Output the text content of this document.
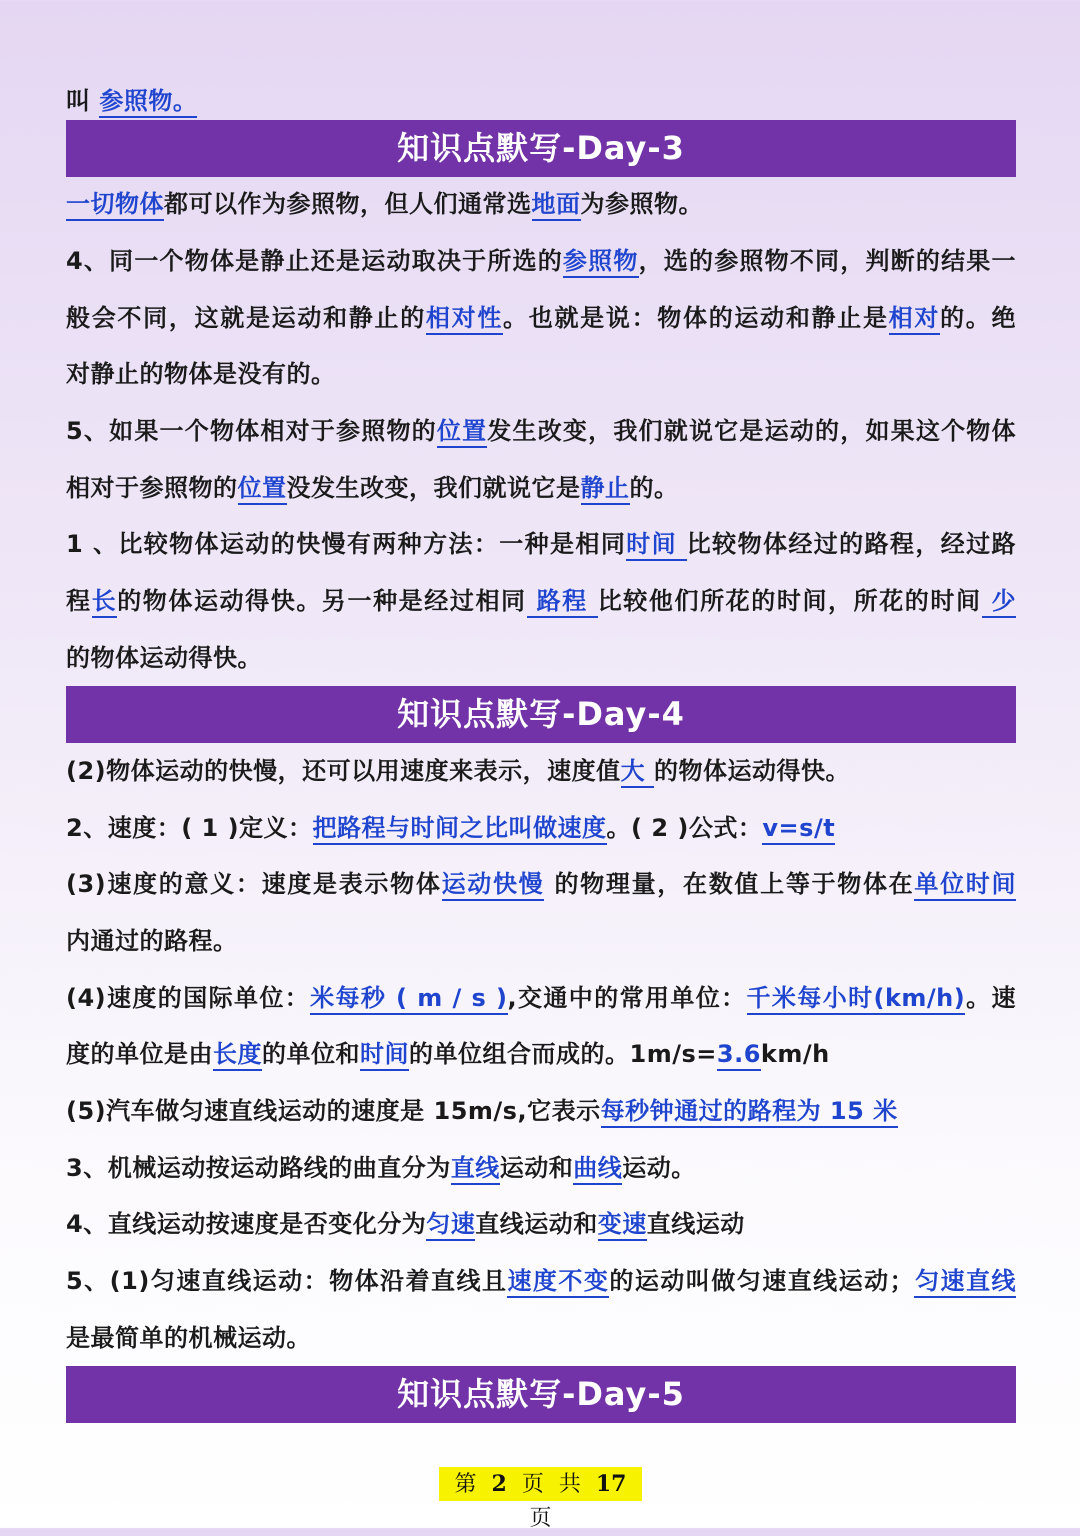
叫 参照物。
知识点默写-Day-3
一切物体都可以作为参照物，但人们通常选地面为参照物。
4、同一个物体是静止还是运动取决于所选的参照物，选的参照物不同，判断的结果一
般会不同，这就是运动和静止的相对性。也就是说：物体的运动和静止是相对的。绝
对静止的物体是没有的。
5、如果一个物体相对于参照物的位置发生改变，我们就说它是运动的，如果这个物体
相对于参照物的位置没发生改变，我们就说它是静止的。
1 、比较物体运动的快慢有两种方法：一种是相同时间 比较物体经过的路程，经过路
程长的物体运动得快。另一种是经过相同 路程 比较他们所花的时间，所花的时间 少
的物体运动得快。
知识点默写-Day-4
(2)物体运动的快慢，还可以用速度来表示，速度值大 的物体运动得快。
2、速度：( 1 )定义：把路程与时间之比叫做速度。( 2 )公式：v=s/t
(3)速度的意义：速度是表示物体运动快慢 的物理量，在数值上等于物体在单位时间
内通过的路程。
(4)速度的国际单位：米每秒 ( m / s ),交通中的常用单位：千米每小时(km/h)。速
度的单位是由长度的单位和时间的单位组合而成的。1m/s=3.6km/h
(5)汽车做匀速直线运动的速度是 15m/s,它表示每秒钟通过的路程为 15 米
3、机械运动按运动路线的曲直分为直线运动和曲线运动。
4、直线运动按速度是否变化分为匀速直线运动和变速直线运动
5、(1)匀速直线运动：物体沿着直线且速度不变的运动叫做匀速直线运动；匀速直线
是最简单的机械运动。
知识点默写-Day-5
第 2 页 共 17 页
